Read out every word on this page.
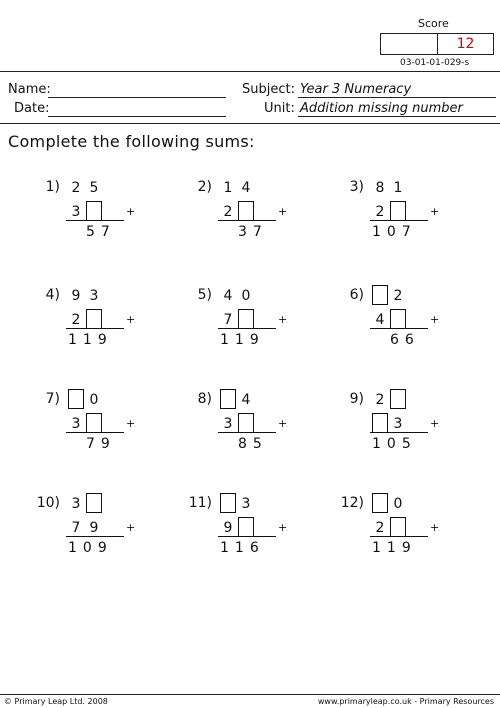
Score
12
03-01-01-029-s
Name:
Date:
Subject: Year 3 Numeracy
Unit: Addition missing number
Complete the following sums:
1) 2 5
3	+
57
2) 1 4
2	+
37
3) 8 1
2	+
107
4) 9 3
2	+
119
5) 4 0
7	+
119
6) 2
4	+
66
7) 0
3	+
79
8) 4
3	+
85
9) 2
3	+
105
10) 3
7 9	+
109
11) 3
9	+
116
12) 0
2	+
119
© Primary Leap Ltd. 2008	www.primaryleap.co.uk - Primary Resources
